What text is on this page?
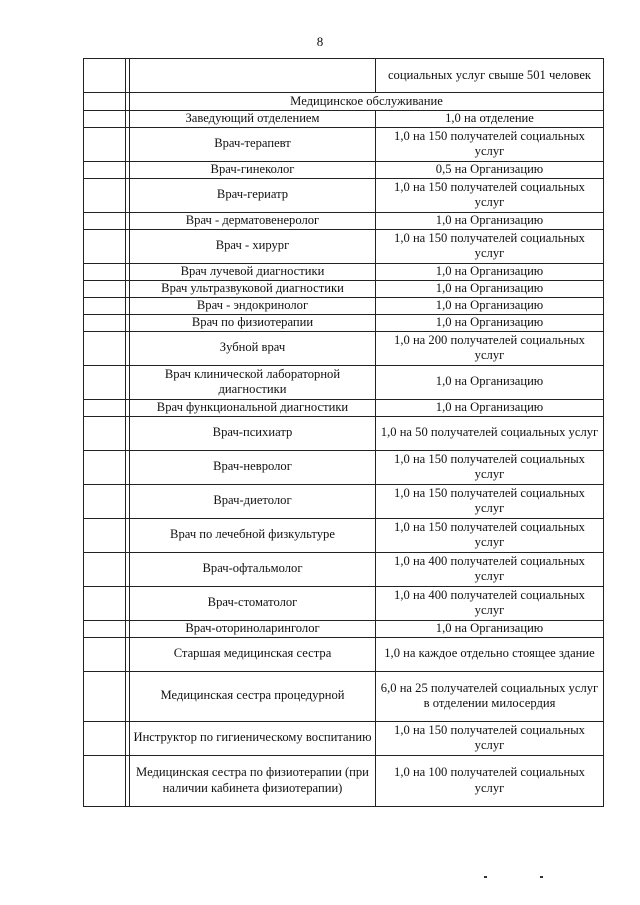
8
			социальных услуг свыше 501 человек
		Медицинское обслуживание	
		Заведующий отделением	1,0 на отделение
		Врач-терапевт	1,0 на 150 получателей социальных услуг
		Врач-гинеколог	0,5 на Организацию
		Врач-гериатр	1,0 на 150 получателей социальных услуг
		Врач - дерматовенеролог	1,0 на Организацию
		Врач - хирург	1,0 на 150 получателей социальных услуг
		Врач лучевой диагностики	1,0 на Организацию
		Врач ультразвуковой диагностики	1,0 на Организацию
		Врач - эндокринолог	1,0 на Организацию
		Врач по физиотерапии	1,0 на Организацию
		Зубной врач	1,0 на 200 получателей социальных услуг
		Врач клинической лабораторной диагностики	1,0 на Организацию
		Врач функциональной диагностики	1,0 на Организацию
		Врач-психиатр	1,0 на 50 получателей социальных услуг
		Врач-невролог	1,0 на 150 получателей социальных услуг
		Врач-диетолог	1,0 на 150 получателей социальных услуг
		Врач по лечебной физкультуре	1,0 на 150 получателей социальных услуг
		Врач-офтальмолог	1,0 на 400 получателей социальных услуг
		Врач-стоматолог	1,0 на 400 получателей социальных услуг
		Врач-оториноларинголог	1,0 на Организацию
		Старшая медицинская сестра	1,0 на каждое отдельно стоящее здание
		Медицинская сестра процедурной	6,0 на 25 получателей социальных услуг в отделении милосердия
		Инструктор по гигиеническому воспитанию	1,0 на 150 получателей социальных услуг
		Медицинская сестра по физиотерапии (при наличии кабинета физиотерапии)	1,0 на 100 получателей социальных услуг
